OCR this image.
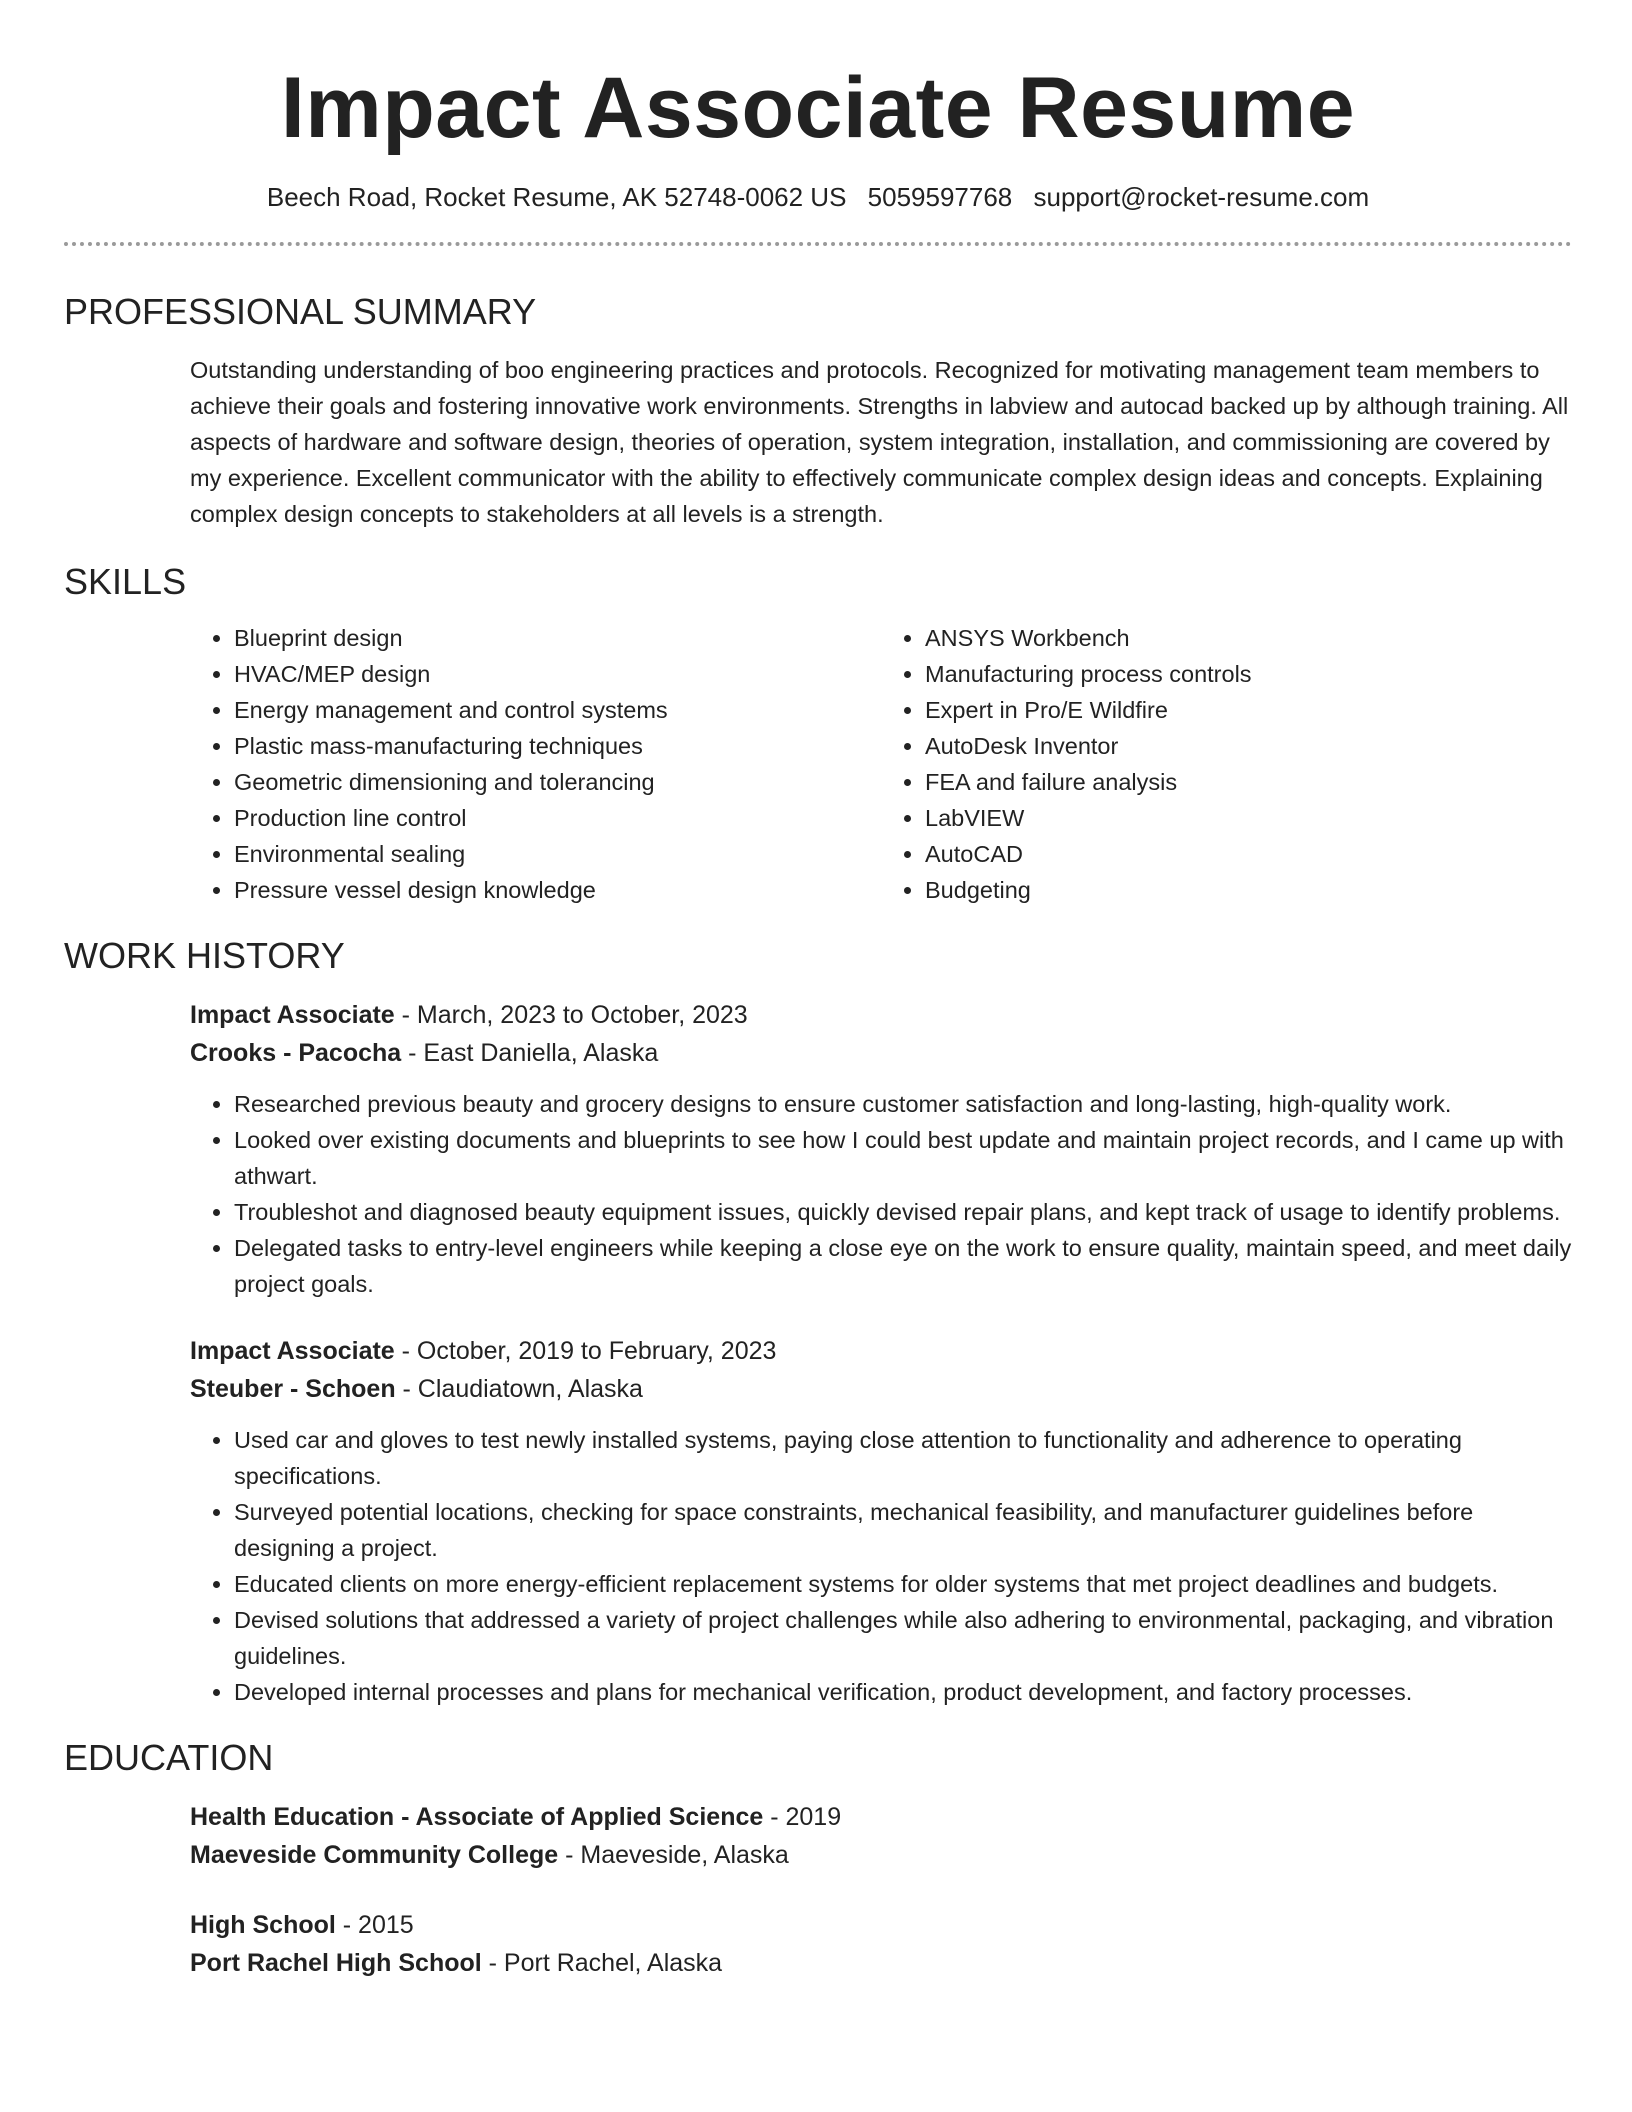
Impact Associate Resume
Beech Road, Rocket Resume, AK 52748-0062 US 5059597768 support@rocket-resume.com
PROFESSIONAL SUMMARY
Outstanding understanding of boo engineering practices and protocols. Recognized for motivating management team members to achieve their goals and fostering innovative work environments. Strengths in labview and autocad backed up by although training. All aspects of hardware and software design, theories of operation, system integration, installation, and commissioning are covered by my experience. Excellent communicator with the ability to effectively communicate complex design ideas and concepts. Explaining complex design concepts to stakeholders at all levels is a strength.
SKILLS
• Blueprint design
• HVAC/MEP design
• Energy management and control systems
• Plastic mass-manufacturing techniques
• Geometric dimensioning and tolerancing
• Production line control
• Environmental sealing
• Pressure vessel design knowledge
• ANSYS Workbench
• Manufacturing process controls
• Expert in Pro/E Wildfire
• AutoDesk Inventor
• FEA and failure analysis
• LabVIEW
• AutoCAD
• Budgeting
WORK HISTORY
Impact Associate - March, 2023 to October, 2023
Crooks - Pacocha - East Daniella, Alaska
• Researched previous beauty and grocery designs to ensure customer satisfaction and long-lasting, high-quality work.
• Looked over existing documents and blueprints to see how I could best update and maintain project records, and I came up with athwart.
• Troubleshot and diagnosed beauty equipment issues, quickly devised repair plans, and kept track of usage to identify problems.
• Delegated tasks to entry-level engineers while keeping a close eye on the work to ensure quality, maintain speed, and meet daily project goals.
Impact Associate - October, 2019 to February, 2023
Steuber - Schoen - Claudiatown, Alaska
• Used car and gloves to test newly installed systems, paying close attention to functionality and adherence to operating specifications.
• Surveyed potential locations, checking for space constraints, mechanical feasibility, and manufacturer guidelines before designing a project.
• Educated clients on more energy-efficient replacement systems for older systems that met project deadlines and budgets.
• Devised solutions that addressed a variety of project challenges while also adhering to environmental, packaging, and vibration guidelines.
• Developed internal processes and plans for mechanical verification, product development, and factory processes.
EDUCATION
Health Education - Associate of Applied Science - 2019
Maeveside Community College - Maeveside, Alaska
High School - 2015
Port Rachel High School - Port Rachel, Alaska
